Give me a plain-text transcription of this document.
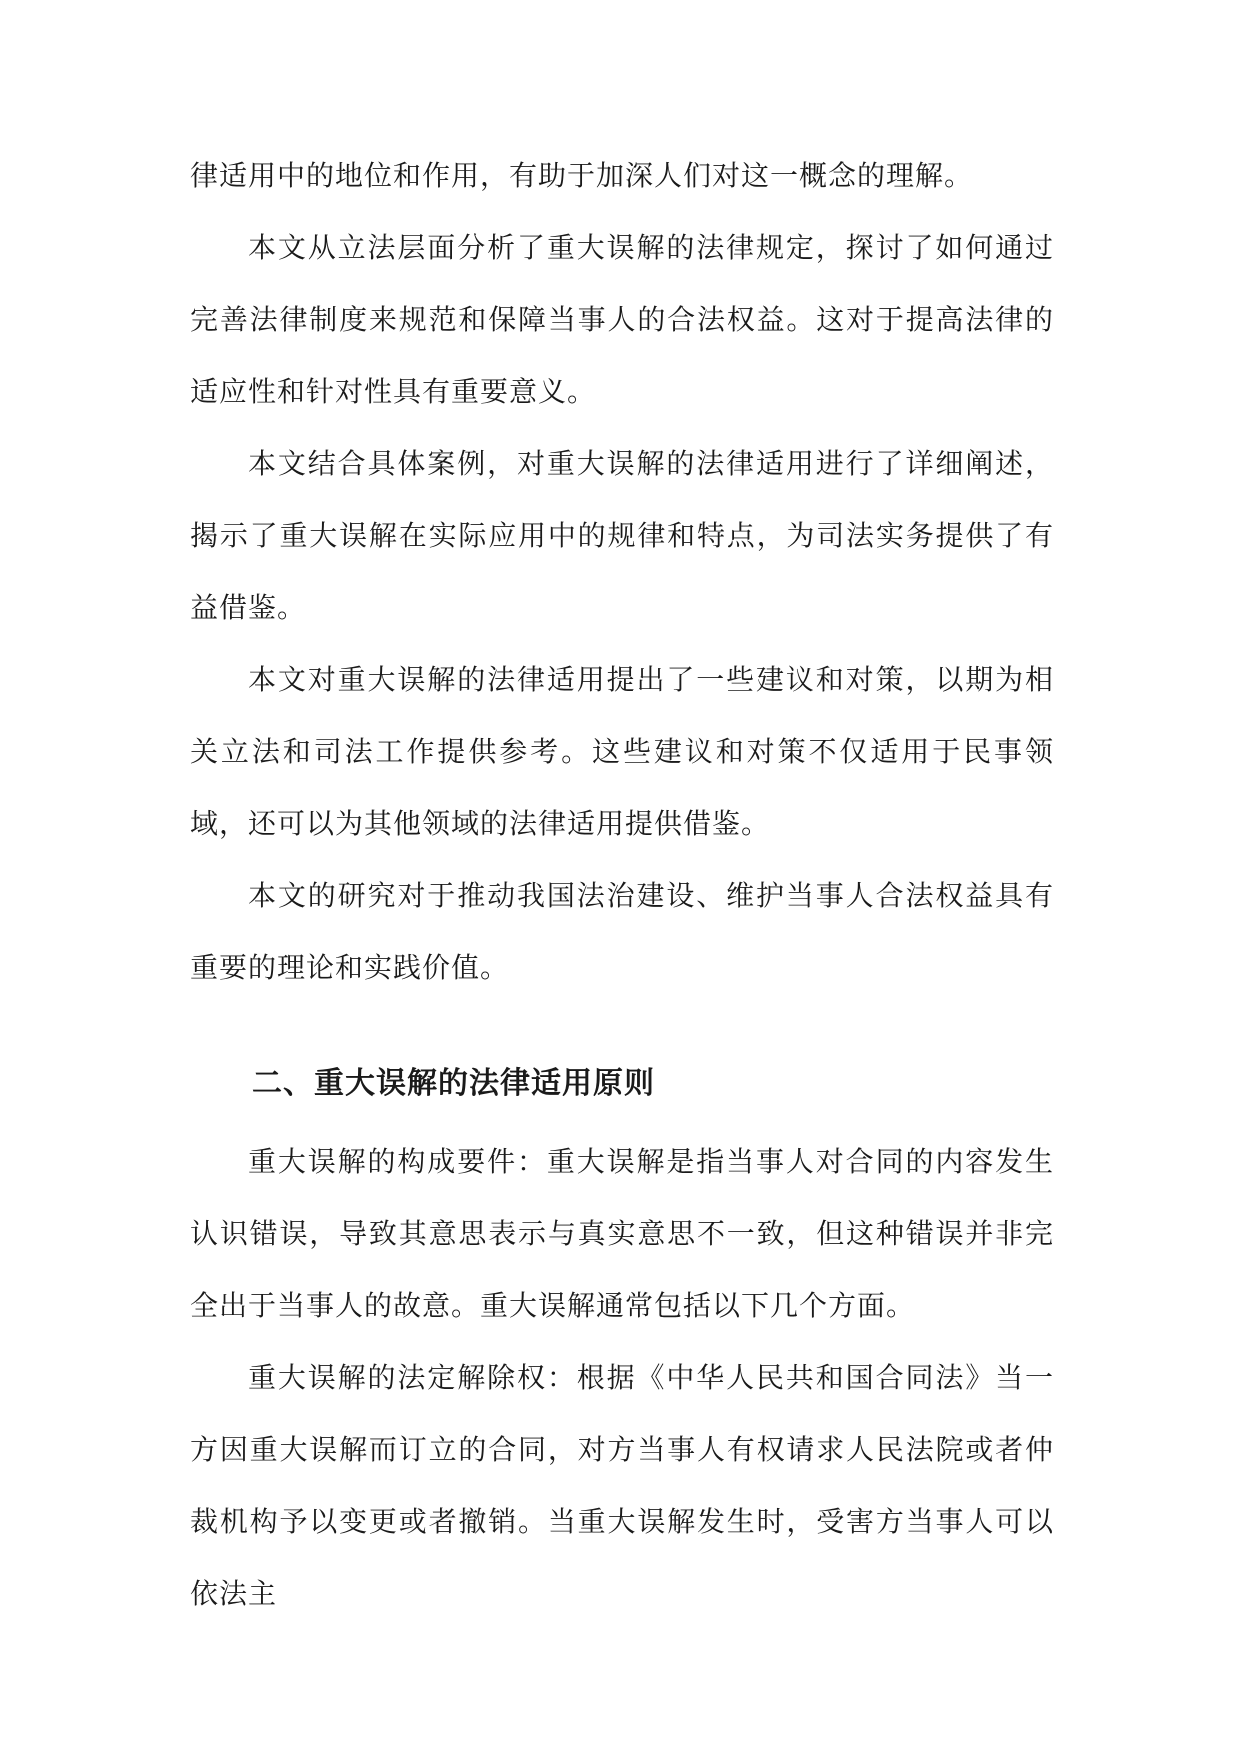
律适用中的地位和作用，有助于加深人们对这一概念的理解。

本文从立法层面分析了重大误解的法律规定，探讨了如何通过完善法律制度来规范和保障当事人的合法权益。这对于提高法律的适应性和针对性具有重要意义。

本文结合具体案例，对重大误解的法律适用进行了详细阐述，揭示了重大误解在实际应用中的规律和特点，为司法实务提供了有益借鉴。

本文对重大误解的法律适用提出了一些建议和对策，以期为相关立法和司法工作提供参考。这些建议和对策不仅适用于民事领域，还可以为其他领域的法律适用提供借鉴。

本文的研究对于推动我国法治建设、维护当事人合法权益具有重要的理论和实践价值。

二、重大误解的法律适用原则

重大误解的构成要件：重大误解是指当事人对合同的内容发生认识错误，导致其意思表示与真实意思不一致，但这种错误并非完全出于当事人的故意。重大误解通常包括以下几个方面。

重大误解的法定解除权：根据《中华人民共和国合同法》当一方因重大误解而订立的合同，对方当事人有权请求人民法院或者仲裁机构予以变更或者撤销。当重大误解发生时，受害方当事人可以依法主
